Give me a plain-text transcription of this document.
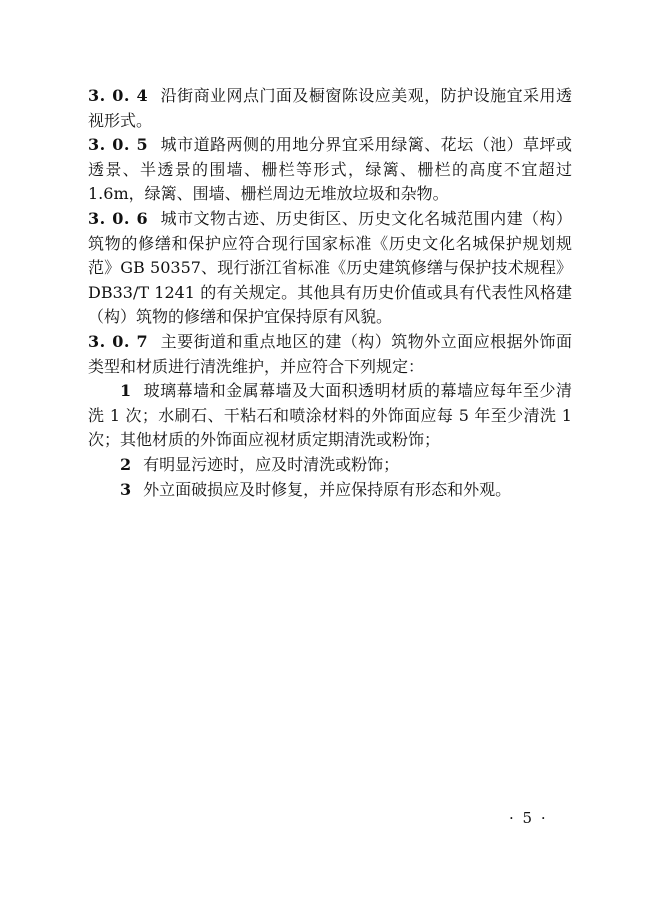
3. 0. 4 沿街商业网点门面及橱窗陈设应美观，防护设施宜采用透视形式。

3. 0. 5 城市道路两侧的用地分界宜采用绿篱、花坛（池）草坪或透景、半透景的围墙、栅栏等形式，绿篱、栅栏的高度不宜超过1.6m，绿篱、围墙、栅栏周边无堆放垃圾和杂物。

3. 0. 6 城市文物古迹、历史街区、历史文化名城范围内建（构）筑物的修缮和保护应符合现行国家标准《历史文化名城保护规划规范》GB 50357、现行浙江省标准《历史建筑修缮与保护技术规程》DB33/T 1241 的有关规定。其他具有历史价值或具有代表性风格建（构）筑物的修缮和保护宜保持原有风貌。

3. 0. 7 主要街道和重点地区的建（构）筑物外立面应根据外饰面类型和材质进行清洗维护，并应符合下列规定：

1 玻璃幕墙和金属幕墙及大面积透明材质的幕墙应每年至少清洗 1 次；水刷石、干粘石和喷涂材料的外饰面应每 5 年至少清洗 1 次；其他材质的外饰面应视材质定期清洗或粉饰；

2 有明显污迹时，应及时清洗或粉饰；

3 外立面破损应及时修复，并应保持原有形态和外观。

· 5 ·
